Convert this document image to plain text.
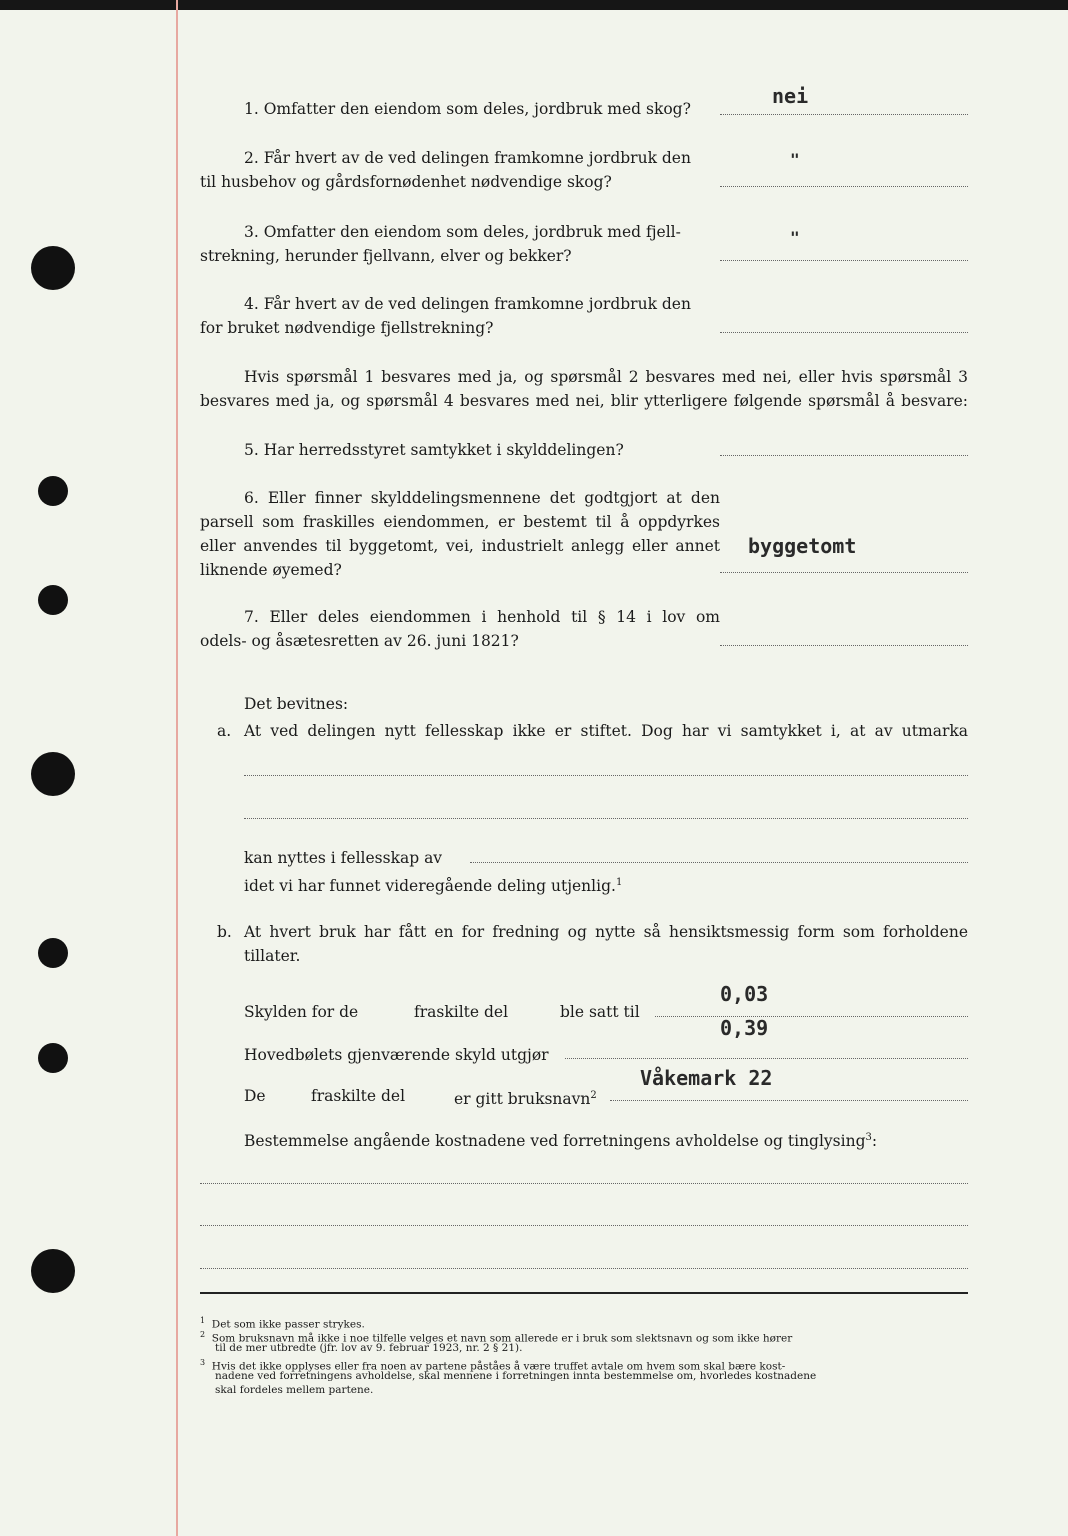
1. Omfatter den eiendom som deles, jordbruk med skog?
nei
2. Får hvert av de ved delingen framkomne jordbruk den
til husbehov og gårdsfornødenhet nødvendige skog?
"
3. Omfatter den eiendom som deles, jordbruk med fjell-
strekning, herunder fjellvann, elver og bekker?
"
4. Får hvert av de ved delingen framkomne jordbruk den
for bruket nødvendige fjellstrekning?
Hvis spørsmål 1 besvares med ja, og spørsmål 2 besvares med nei, eller hvis spørsmål 3
besvares med ja, og spørsmål 4 besvares med nei, blir ytterligere følgende spørsmål å besvare:
5. Har herredsstyret samtykket i skylddelingen?
6. Eller finner skylddelingsmennene det godtgjort at den
parsell som fraskilles eiendommen, er bestemt til å oppdyrkes
eller anvendes til byggetomt, vei, industrielt anlegg eller annet
liknende øyemed?
byggetomt
7. Eller deles eiendommen i henhold til § 14 i lov om
odels- og åsætesretten av 26. juni 1821?
Det bevitnes:
a. At ved delingen nytt fellesskap ikke er stiftet. Dog har vi samtykket i, at av utmarka
kan nyttes i fellesskap av
idet vi har funnet videregående deling utjenlig.$^1$
b. At hvert bruk har fått en for fredning og nytte så hensiktsmessig form som forholdene
tillater.
Skylden for de	fraskilte del	ble satt til
0,03
Hovedbølets gjenværende skyld utgjør
0,39
De	fraskilte del	er gitt bruksnavn$^2$
Våkemark 22
Bestemmelse angående kostnadene ved forretningens avholdelse og tinglysing$^3$:
$^1$ Det som ikke passer strykes.
$^2$ Som bruksnavn må ikke i noe tilfelle velges et navn som allerede er i bruk som slektsnavn og som ikke hører
til de mer utbredte (jfr. lov av 9. februar 1923, nr. 2 § 21).
$^3$ Hvis det ikke opplyses eller fra noen av partene påståes å være truffet avtale om hvem som skal bære kost-
nadene ved forretningens avholdelse, skal mennene i forretningen innta bestemmelse om, hvorledes kostnadene
skal fordeles mellem partene.
